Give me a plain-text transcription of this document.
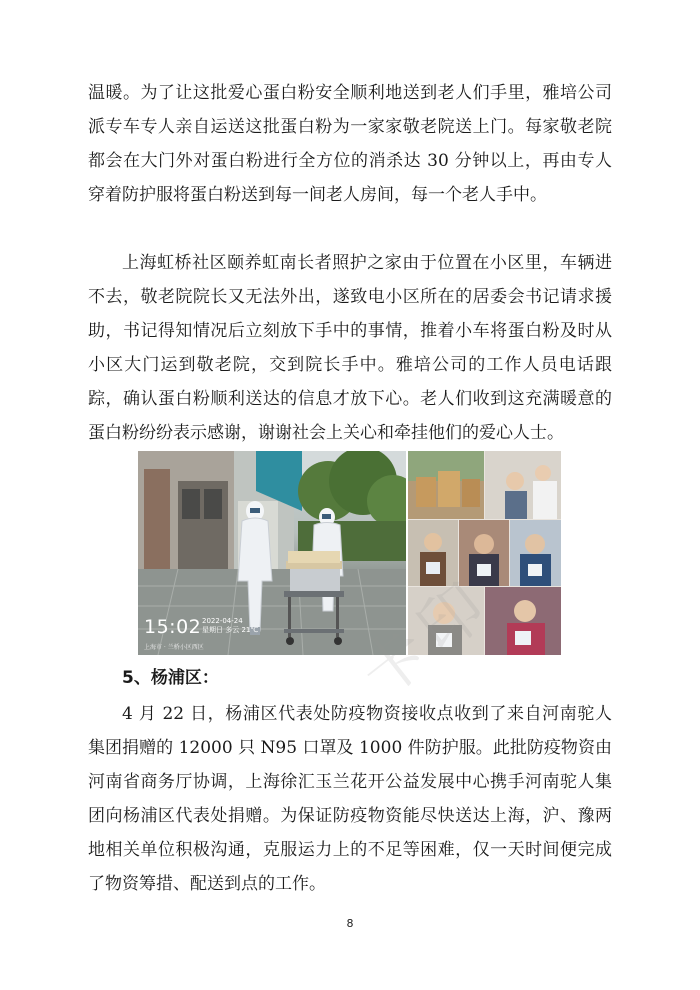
温暖。为了让这批爱心蛋白粉安全顺利地送到老人们手里，雅培公司派专车专人亲自运送这批蛋白粉为一家家敬老院送上门。每家敬老院都会在大门外对蛋白粉进行全方位的消杀达 30 分钟以上，再由专人穿着防护服将蛋白粉送到每一间老人房间，每一个老人手中。

上海虹桥社区颐养虹南长者照护之家由于位置在小区里，车辆进不去，敬老院院长又无法外出，遂致电小区所在的居委会书记请求援助，书记得知情况后立刻放下手中的事情，推着小车将蛋白粉及时从小区大门运到敬老院，交到院长手中。雅培公司的工作人员电话跟踪，确认蛋白粉顺利送达的信息才放下心。老人们收到这充满暖意的蛋白粉纷纷表示感谢，谢谢社会上关心和牵挂他们的爱心人士。

15:02 2022-04-24
星期日 多云 21℃
上海市 · 兰桥小区西区
5、杨浦区：

4 月 22 日，杨浦区代表处防疫物资接收点收到了来自河南驼人集团捐赠的 12000 只 N95 口罩及 1000 件防护服。此批防疫物资由河南省商务厅协调，上海徐汇玉兰花开公益发展中心携手河南驼人集团向杨浦区代表处捐赠。为保证防疫物资能尽快送达上海，沪、豫两地相关单位积极沟通，克服运力上的不足等困难，仅一天时间便完成了物资筹措、配送到点的工作。

8
